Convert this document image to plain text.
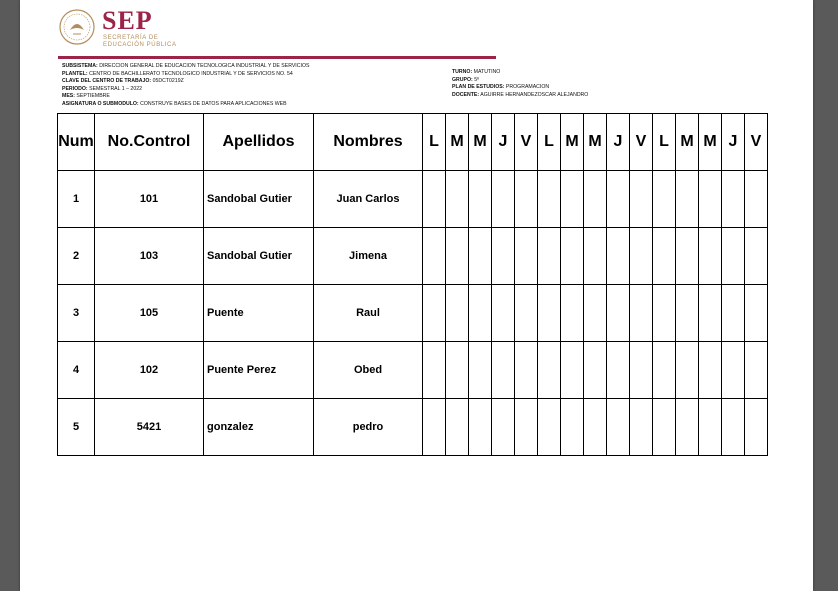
SEP
SECRETARÍA DE
EDUCACIÓN PÚBLICA
SUBSISTEMA: DIRECCION GENERAL DE EDUCACION TECNOLOGICA INDUSTRIAL Y DE SERVICIOS
PLANTEL: CENTRO DE BACHILLERATO TECNOLOGICO INDUSTRIAL Y DE SERVICIOS NO. 54
CLAVE DEL CENTRO DE TRABAJO: 05DCT0219Z
PERIODO: SEMESTRAL 1 – 2022
MES: SEPTIEMBRE
ASIGNATURA O SUBMODULO: CONSTRUYE BASES DE DATOS PARA APLICACIONES WEB
TURNO: MATUTINO
GRUPO: 5º
PLAN DE ESTUDIOS: PROGRAMACION
DOCENTE: AGUIRRE HERNANDEZOSCAR ALEJANDRO
Num	No.Control	Apellidos	Nombres	L	M	M	J	V	L	M	M	J	V	L	M	M	J	V
1	101	Sandobal Gutier	Juan Carlos															
2	103	Sandobal Gutier	Jimena															
3	105	Puente	Raul															
4	102	Puente Perez	Obed															
5	5421	gonzalez	pedro															
